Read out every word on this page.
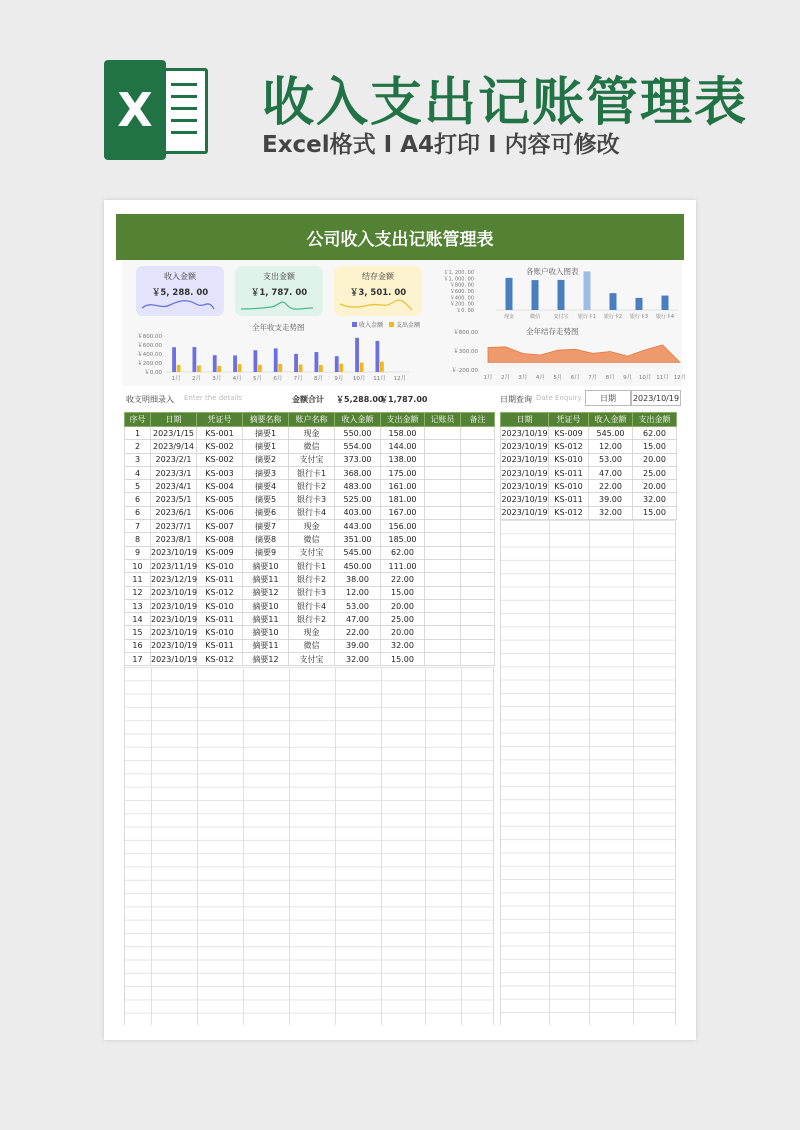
X 收入支出记账管理表
Excel格式 I A4打印 I 内容可修改
公司收入支出记账管理表
收入金额
￥5, 288. 00
支出金额
￥1, 787. 00
结存金额
￥3, 501. 00
全年收支走势图	收入金额 支出金额
￥800.00
￥600.00
￥400.00
￥200.00
￥0.00
1月 2月 3月 4月 5月 6月 7月 8月 9月 10月 11月 12月
各账户收入图表
￥1, 200. 00
￥1, 000. 00
￥800. 00
￥600. 00
￥400. 00
￥200. 00
￥0. 00
现金	微信	支付宝 银行卡1 银行卡2 银行卡3 银行卡4
全年结存走势图
￥800.00
￥300.00
￥-200.00
1月 2月 3月 4月 5月 6月 7月 8月 9月 10月 11月 12月
收支明细录入 Enter the details	金额合计 ￥5,288.00
￥1,787.00	日期查询 Date Enquiry	日期	2023/10/19
序号	日期	凭证号	摘要名称	账户名称	收入金额	支出金额	记账员	备注
1	2023/1/15	KS-001	摘要1	现金	550.00	158.00		
2	2023/9/14	KS-002	摘要1	微信	554.00	144.00		
3	2023/2/1	KS-002	摘要2	支付宝	373.00	138.00		
4	2023/3/1	KS-003	摘要3	银行卡1	368.00	175.00		
5	2023/4/1	KS-004	摘要4	银行卡2	483.00	161.00		
6	2023/5/1	KS-005	摘要5	银行卡3	525.00	181.00		
6	2023/6/1	KS-006	摘要6	银行卡4	403.00	167.00		
7	2023/7/1	KS-007	摘要7	现金	443.00	156.00		
8	2023/8/1	KS-008	摘要8	微信	351.00	185.00		
9	2023/10/19	KS-009	摘要9	支付宝	545.00	62.00		
10	2023/11/19	KS-010	摘要10	银行卡1	450.00	111.00		
11	2023/12/19	KS-011	摘要11	银行卡2	38.00	22.00		
12	2023/10/19	KS-012	摘要12	银行卡3	12.00	15.00		
13	2023/10/19	KS-010	摘要10	银行卡4	53.00	20.00		
14	2023/10/19	KS-011	摘要11	银行卡2	47.00	25.00		
15	2023/10/19	KS-010	摘要10	现金	22.00	20.00		
16	2023/10/19	KS-011	摘要11	微信	39.00	32.00		
17	2023/10/19	KS-012	摘要12	支付宝	32.00	15.00		
日期	凭证号	收入金额	支出金额
2023/10/19	KS-009	545.00	62.00
2023/10/19	KS-012	12.00	15.00
2023/10/19	KS-010	53.00	20.00
2023/10/19	KS-011	47.00	25.00
2023/10/19	KS-010	22.00	20.00
2023/10/19	KS-011	39.00	32.00
2023/10/19	KS-012	32.00	15.00
